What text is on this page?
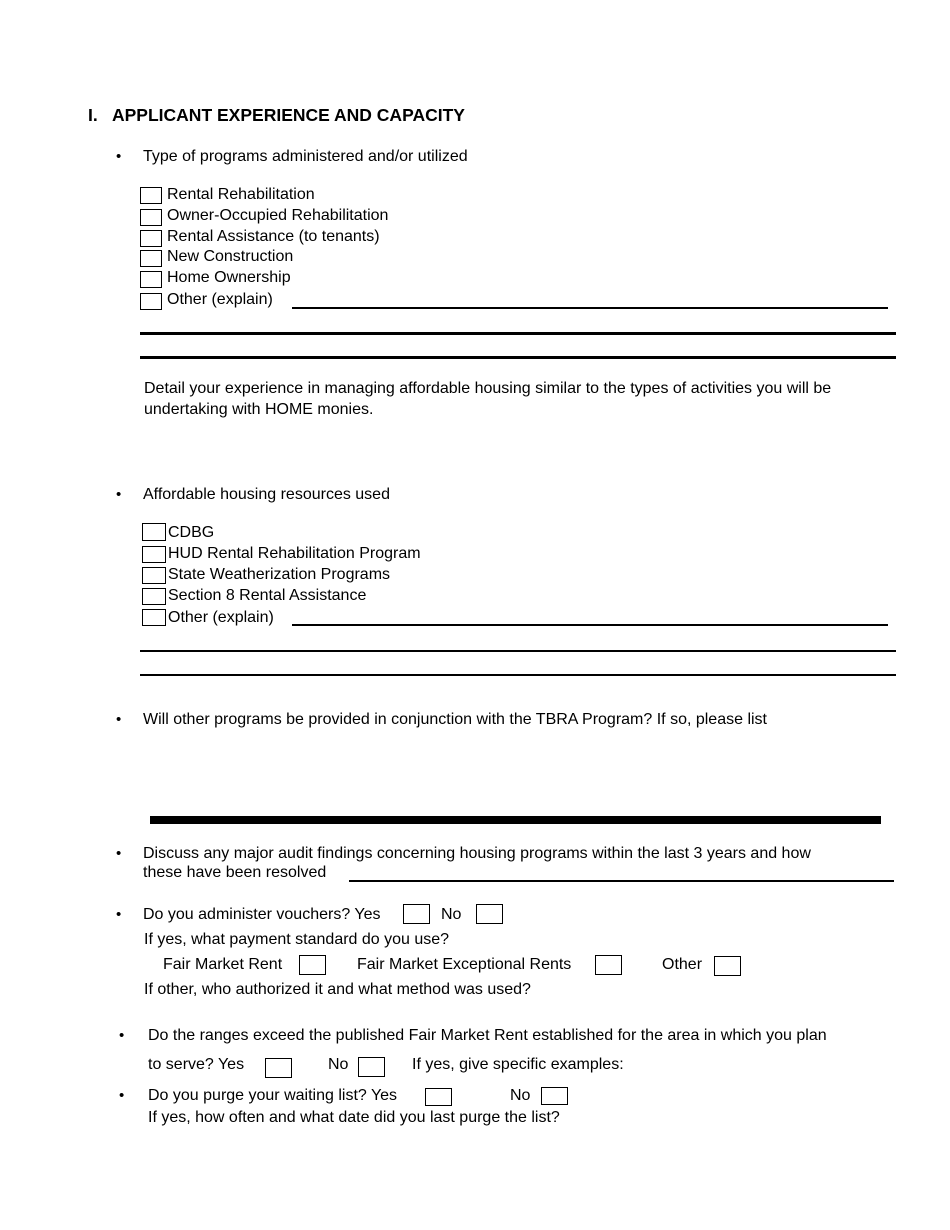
I. APPLICANT EXPERIENCE AND CAPACITY
• Type of programs administered and/or utilized
Rental Rehabilitation
Owner-Occupied Rehabilitation
Rental Assistance (to tenants)
New Construction
Home Ownership
Other (explain)
Detail your experience in managing affordable housing similar to the types of activities you will be
undertaking with HOME monies.
• Affordable housing resources used
CDBG
HUD Rental Rehabilitation Program
State Weatherization Programs
Section 8 Rental Assistance
Other (explain)
• Will other programs be provided in conjunction with the TBRA Program? If so, please list
• Discuss any major audit findings concerning housing programs within the last 3 years and how
these have been resolved
• Do you administer vouchers? Yes	No
If yes, what payment standard do you use?
Fair Market Rent	Fair Market Exceptional Rents	Other
If other, who authorized it and what method was used?
• Do the ranges exceed the published Fair Market Rent established for the area in which you plan
to serve? Yes	No	If yes, give specific examples:
• Do you purge your waiting list? Yes	No
If yes, how often and what date did you last purge the list?
